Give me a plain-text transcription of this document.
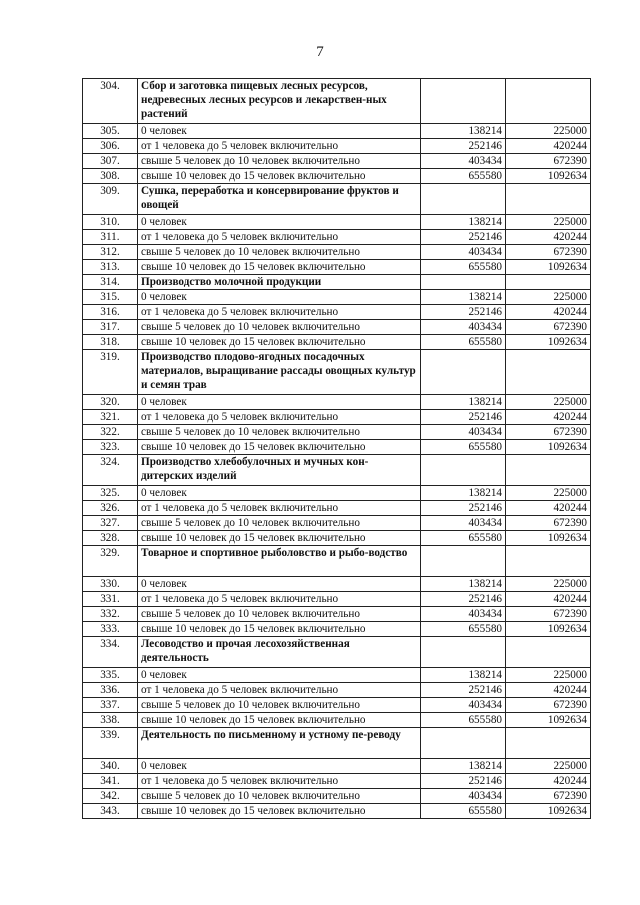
7
304.	Сбор и заготовка пищевых лесных ресурсов, недревесных лесных ресурсов и лекарствен-ных растений		
305.	0 человек	138214	225000
306.	от 1 человека до 5 человек включительно	252146	420244
307.	свыше 5 человек до 10 человек включительно	403434	672390
308.	свыше 10 человек до 15 человек включительно	655580	1092634
309.	Сушка, переработка и консервирование фруктов и овощей		
310.	0 человек	138214	225000
311.	от 1 человека до 5 человек включительно	252146	420244
312.	свыше 5 человек до 10 человек включительно	403434	672390
313.	свыше 10 человек до 15 человек включительно	655580	1092634
314.	Производство молочной продукции		
315.	0 человек	138214	225000
316.	от 1 человека до 5 человек включительно	252146	420244
317.	свыше 5 человек до 10 человек включительно	403434	672390
318.	свыше 10 человек до 15 человек включительно	655580	1092634
319.	Производство плодово-ягодных посадочных материалов, выращивание рассады овощных культур и семян трав		
320.	0 человек	138214	225000
321.	от 1 человека до 5 человек включительно	252146	420244
322.	свыше 5 человек до 10 человек включительно	403434	672390
323.	свыше 10 человек до 15 человек включительно	655580	1092634
324.	Производство хлебобулочных и мучных кон-дитерских изделий		
325.	0 человек	138214	225000
326.	от 1 человека до 5 человек включительно	252146	420244
327.	свыше 5 человек до 10 человек включительно	403434	672390
328.	свыше 10 человек до 15 человек включительно	655580	1092634
329.	Товарное и спортивное рыболовство и рыбо-водство		
330.	0 человек	138214	225000
331.	от 1 человека до 5 человек включительно	252146	420244
332.	свыше 5 человек до 10 человек включительно	403434	672390
333.	свыше 10 человек до 15 человек включительно	655580	1092634
334.	Лесоводство и прочая лесохозяйственная деятельность		
335.	0 человек	138214	225000
336.	от 1 человека до 5 человек включительно	252146	420244
337.	свыше 5 человек до 10 человек включительно	403434	672390
338.	свыше 10 человек до 15 человек включительно	655580	1092634
339.	Деятельность по письменному и устному пе-реводу		
340.	0 человек	138214	225000
341.	от 1 человека до 5 человек включительно	252146	420244
342.	свыше 5 человек до 10 человек включительно	403434	672390
343.	свыше 10 человек до 15 человек включительно	655580	1092634
